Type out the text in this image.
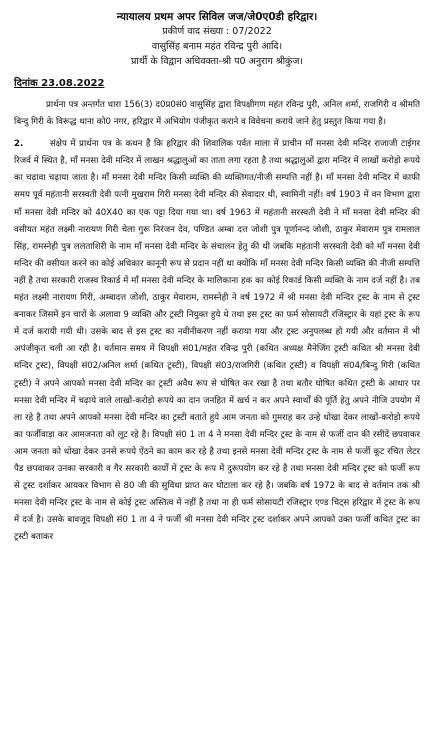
न्यायालय प्रथम अपर सिविल जज/जे0ए0डी हरिद्वार।
प्रकीर्ण वाद संख्या : 07/2022
वासुसिंह बनाम महंत रविन्द्र पुरी आदि।
प्रार्थी के विद्वान अधिवक्ता-श्री प0 अनुराग श्रीकुंज।
दिनांक 23.08.2022

प्रार्थना पत्र अन्तर्गत धारा 156(3) द0प्र0सं0 वासुसिंह द्वारा विपक्षीगण महंत रविन्द्र पुरी, अनिल शर्मा, राजगिरी व श्रीमति बिन्दु गिरी के विरूद्ध थाना को0 नगर, हरिद्वार में अभियोग पंजीकृत कराने व विवेचना कराये जाने हेतु प्रस्तुत किया गया है।

2.	संक्षेप में प्रार्थना पत्र के कथन हैं कि हरिद्वार की शिवालिक पर्वत माला में प्राचीन माँ मनसा देवी मन्दिर राजाजी टाईगर रिजर्व में स्थित है, माँ मनसा देवी मन्दिर में लाखन श्रद्धालुओं का ताता लगा रहता है तथा श्रद्धालुओं द्वारा मन्दिर में लाखों करोड़ो रूपये का चढ़ावा चढ़ाया जाता है। माँ मनसा देवी मन्दिर किसी व्यक्ति की व्यक्तिगत/नीजी सम्पत्ति नहीं है। माँ मनसा देवी मन्दिर में काफी समय पूर्व महंतानी सरस्वती देवी पत्नी मुखराम गिरी मनसा देवी मन्दिर की सेवादार थी, स्वामिनी नहीं। वर्ष 1903 में वन विभाग द्वारा माँ मनसा देवी मन्दिर को 40X40 का एक पट्टा दिया गया था। वर्ष 1963 में महंतानी सरस्वती देवी ने माँ मनसा देवी मन्दिर की वसीयत महंत लक्ष्मी नारायण गिरी चेला गुरू निरंजन देव, पण्डित अम्बा दत्त जोशी पुत्र पूर्णानन्द जोशी, ठाकुर मेवाराम पुत्र रामलाल सिंह, रामस्नेही पुत्र ललताशिरी के नाम माँ मनसा देवी मन्दिर के संचालन हेतु की थी जबकि महंतानी सरस्वती देवी को माँ मनसा देवी मन्दिर की वसीयत करने का कोई अधिकार कानूनी रूप से प्रदान नहीं था क्योंकि माँ मनसा देवी मन्दिर किसी व्यक्ति की नीजी सम्पत्ति नहीं है तथा सरकारी राजस्व रिकार्ड में माँ मनसा देवी मन्दिर के मालिकाना हक का कोई रिकार्ड किसी व्यक्ति के नाम दर्ज नहीं है। तब महंत लक्ष्मी नारायण गिरी, अम्बादत्त जोशी, ठाकुर मेवाराम, रामस्नेही ने वर्ष 1972 में श्री मनसा देवी मन्दिर ट्रस्ट के नाम से ट्रस्ट बनाकर जिसमें इन चारों के अलावा 9 व्यक्ति और ट्रस्टी नियुक्त हुये थे तथा इस ट्रस्ट का फर्म सोसायटी रजिस्ट्रार के यहां ट्रस्ट के रूप में दर्ज करायी गयी थी। उसके बाद से इस ट्रस्ट का नवीनीकरण नहीं कराया गया और ट्रस्ट अनुपलब्ध हो गयी और वर्तमान में भी अपंजीकृत चली आ रही है। वर्तमान समय में विपक्षी सं01/महंत रविन्द्र पुरी (कथित अध्यक्ष मैनेजिंग ट्रस्टी कथित श्री मनसा देवी मन्दिर ट्रस्ट), विपक्षी सं02/अनिल शर्मा (कथित ट्रस्टी), विपक्षी सं03/राजगिरी (कथित ट्रस्टी) व विपक्षी सं04/बिन्दु गिरी (कथित ट्रस्टी) ने अपने आपको मनसा देवी मन्दिर का ट्रस्टी अवैध रूप से घोषित कर रखा है तथा बतौर घोषित कथित ट्रस्टी के आधार पर मनसा देवी मन्दिर में चढ़ाये वाले लाखों-करोड़ो रूपये का दान जनहित में खर्च न कर अपने स्वार्थों की पूर्ति हेतु अपने नीजि उपयोग में ला रहे है तथा अपने आपको मनसा देवी मन्दिर का ट्रस्टी बताते हुये आम जनता को गुमराह कर उन्हे धोखा देकर लाखों-करोड़ो रूपये का फर्जीवाड़ा कर आमजनता को लूट रहे है। विपक्षी सं0 1 ता 4 ने मनसा देवी मन्दिर ट्रस्ट के नाम से फर्जी दान की रसीदें छपवाकर आम जनता को धोखा देकर उनसे रूपये ऐंठने का काम कर रहे है तथा इनसे मनसा देवी मन्दिर ट्रस्ट के नाम से फर्जी कूट रचित लेटर पैड छपवाकर उनका सरकारी व गैर सरकारी कार्यों में ट्रस्ट के रूप में दुरूपयोग कर रहे है तथा मनसा देवी मन्दिर ट्रस्ट को फर्जी रूप से ट्रस्ट दर्शाकर आयकर विभाग से 80 जी की सुविधा प्राप्त कर घोटाला कर रहे है। जबकि वर्ष 1972 के बाद से वर्तमान तक श्री मनसा देवी मन्दिर ट्रस्ट के नाम से कोई ट्रस्ट अस्तित्व में नहीं है तथा ना ही फर्म सोसायटी रजिस्ट्रार एण्ड चिट्स हरिद्वार में ट्रस्ट के रूप में दर्ज है। उसके बावजूद विपक्षी सं0 1 ता 4 ने फर्जी श्री मनसा देवी मन्दिर ट्रस्ट दर्शाकर अपने आपको उक्त फर्जी कथित ट्रस्ट का ट्रस्टी बताकर
